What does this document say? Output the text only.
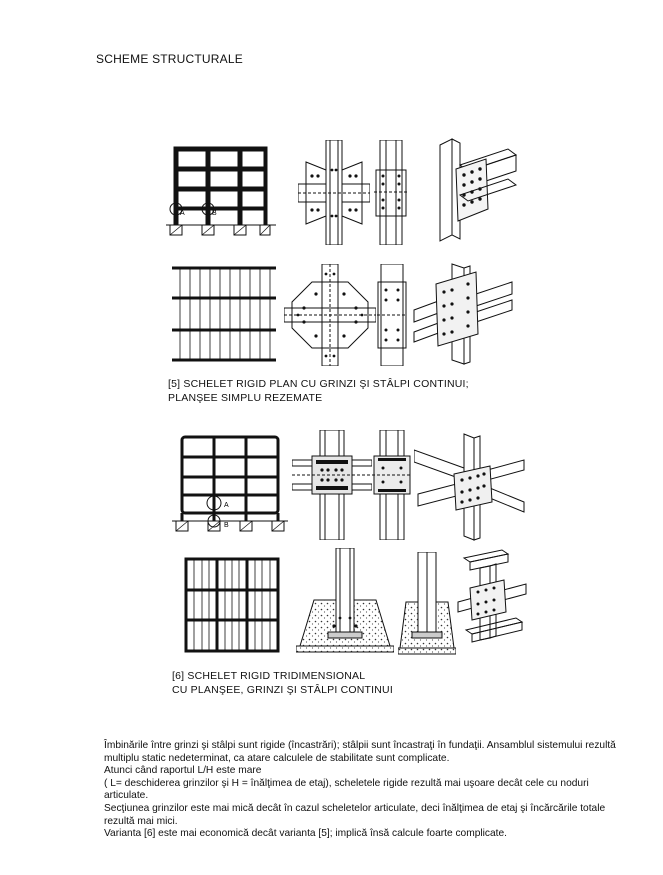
SCHEME STRUCTURALE
A	B
[5] SCHELET RIGID PLAN CU GRINZI ŞI STÂLPI CONTINUI;
PLANŞEE SIMPLU REZEMATE
A
B
[6] SCHELET RIGID TRIDIMENSIONAL
CU PLANŞEE, GRINZI ŞI STÂLPI CONTINUI

Îmbinările între grinzi şi stâlpi sunt rigide (încastrări); stâlpii sunt încastraţi în fundaţii. Ansamblul sistemului rezultă multiplu static nedeterminat, ca atare calculele de stabilitate sunt complicate.

Atunci când raportul L/H este mare

( L= deschiderea grinzilor şi H = înălţimea de etaj), scheletele rigide rezultă mai uşoare decât cele cu noduri articulate.

Secţiunea grinzilor este mai mică decât în cazul scheletelor articulate, deci înălţimea de etaj şi încărcările totale rezultă mai mici.

Varianta [6] este mai economică decât varianta [5]; implică însă calcule foarte complicate.
